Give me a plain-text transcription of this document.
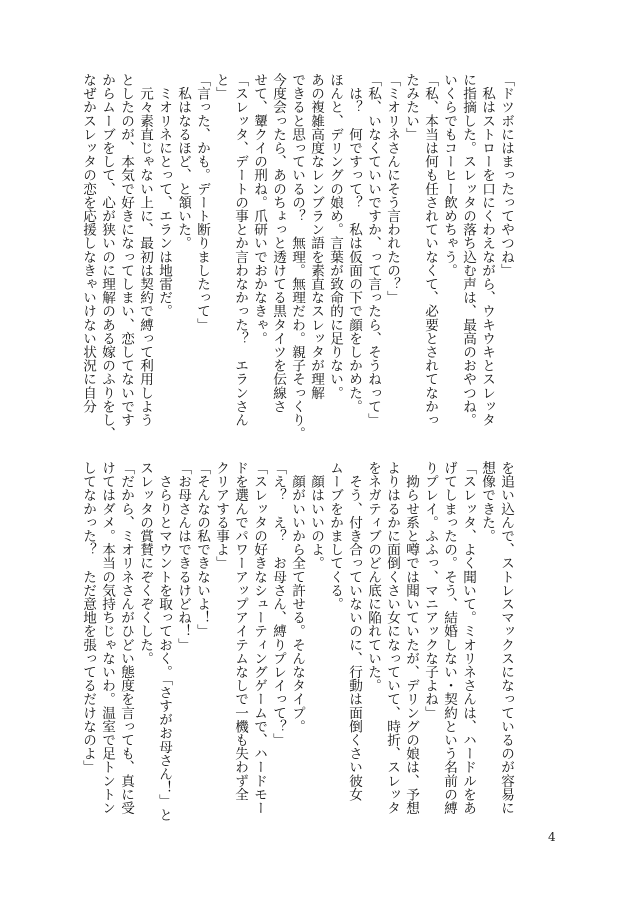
「ドツボにはまったってやつね」
　私はストローを口にくわえながら、ウキウキとスレッタ
に指摘した。スレッタの落ち込む声は、最高のおやつね。
いくらでもコーヒー飲めちゃう。
「私、本当は何も任されていなくて、必要とされてなかっ
たみたい」
「ミオリネさんにそう言われたの？」
「私、いなくていいですか、って言ったら、そうねって」
　は？　何ですって？　私は仮面の下で顔をしかめた。
ほんと、デリングの娘め。言葉が致命的に足りない。
あの複雑高度なレンブラン語を素直なスレッタが理解
できると思っているの？　無理。無理だわ。親子そっくり。
今度会ったら、あのちょっと透けてる黒タイツを伝線さ
せて、顰クイの刑ね。爪研いでおかなきゃ。
「スレッタ、デートの事とか言わなかった？　エランさん
と」
「言った、かも。デート断りましたって」
　私はなるほど、と頷いた。
　ミオリネにとって、エランは地雷だ。
　元々素直じゃない上に、最初は契約で縛って利用しよう
としたのが、本気で好きになってしまい、恋してないです
からムーブをして、心が狭いのに理解のある嫁のふりをし、
なぜかスレッタの恋を応援しなきゃいけない状況に自分
を追い込んで、ストレスマックスになっているのが容易に
想像できた。
「スレッタ、よく聞いて。ミオリネさんは、ハードルをあ
げてしまったの。そう、結婚しない・契約という名前の縛
りプレイ。ふふっ、マニアックな子よね」
　拗らせ系と噂では聞いていたが、デリングの娘は、予想
よりはるかに面倒くさい女になっていて、時折、スレッタ
をネガティブのどん底に陥れていた。
　そう、付き合っていないのに、行動は面倒くさい彼女
ムーブをかましてくる。
　顔はいいのよ。
　顔がいいから全て許せる。そんなタイプ。
「え？　え？　お母さん、縛りプレイって？」
「スレッタの好きなシューティングゲームで、ハードモー
ドを選んでパワーアップアイテムなしで一機も失わず全
クリアする事よ」
「そんなの私できないよ！」
「お母さんはできるけどね！」
　さらりとマウントを取っておく。「さすがお母さん！」と
スレッタの賞賛にぞくぞくした。
「だから、ミオリネさんがひどい態度を言っても、真に受
けてはダメ。本当の気持ちじゃないわ。温室で足トントン
してなかった？　ただ意地を張ってるだけなのよ」
4
